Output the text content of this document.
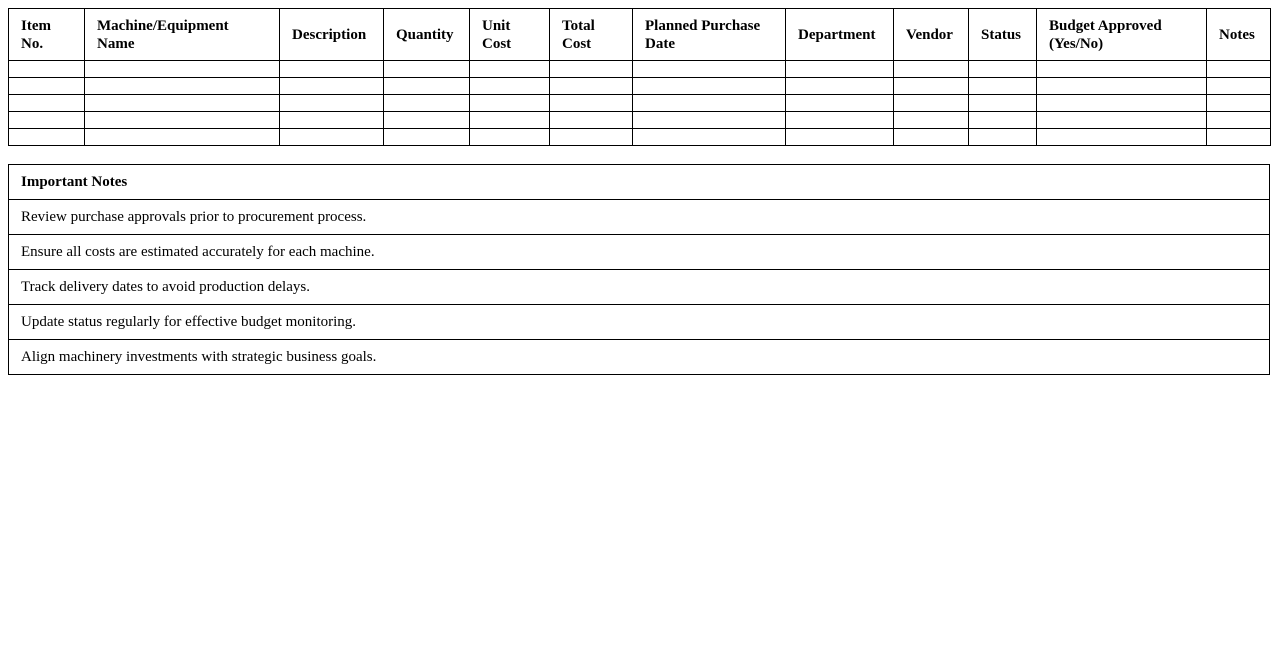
Item No.	Machine/Equipment Name	Description	Quantity	Unit Cost	Total Cost	Planned Purchase Date	Department	Vendor	Status	Budget Approved (Yes/No)	Notes

Important Notes
Review purchase approvals prior to procurement process.
Ensure all costs are estimated accurately for each machine.
Track delivery dates to avoid production delays.
Update status regularly for effective budget monitoring.
Align machinery investments with strategic business goals.
